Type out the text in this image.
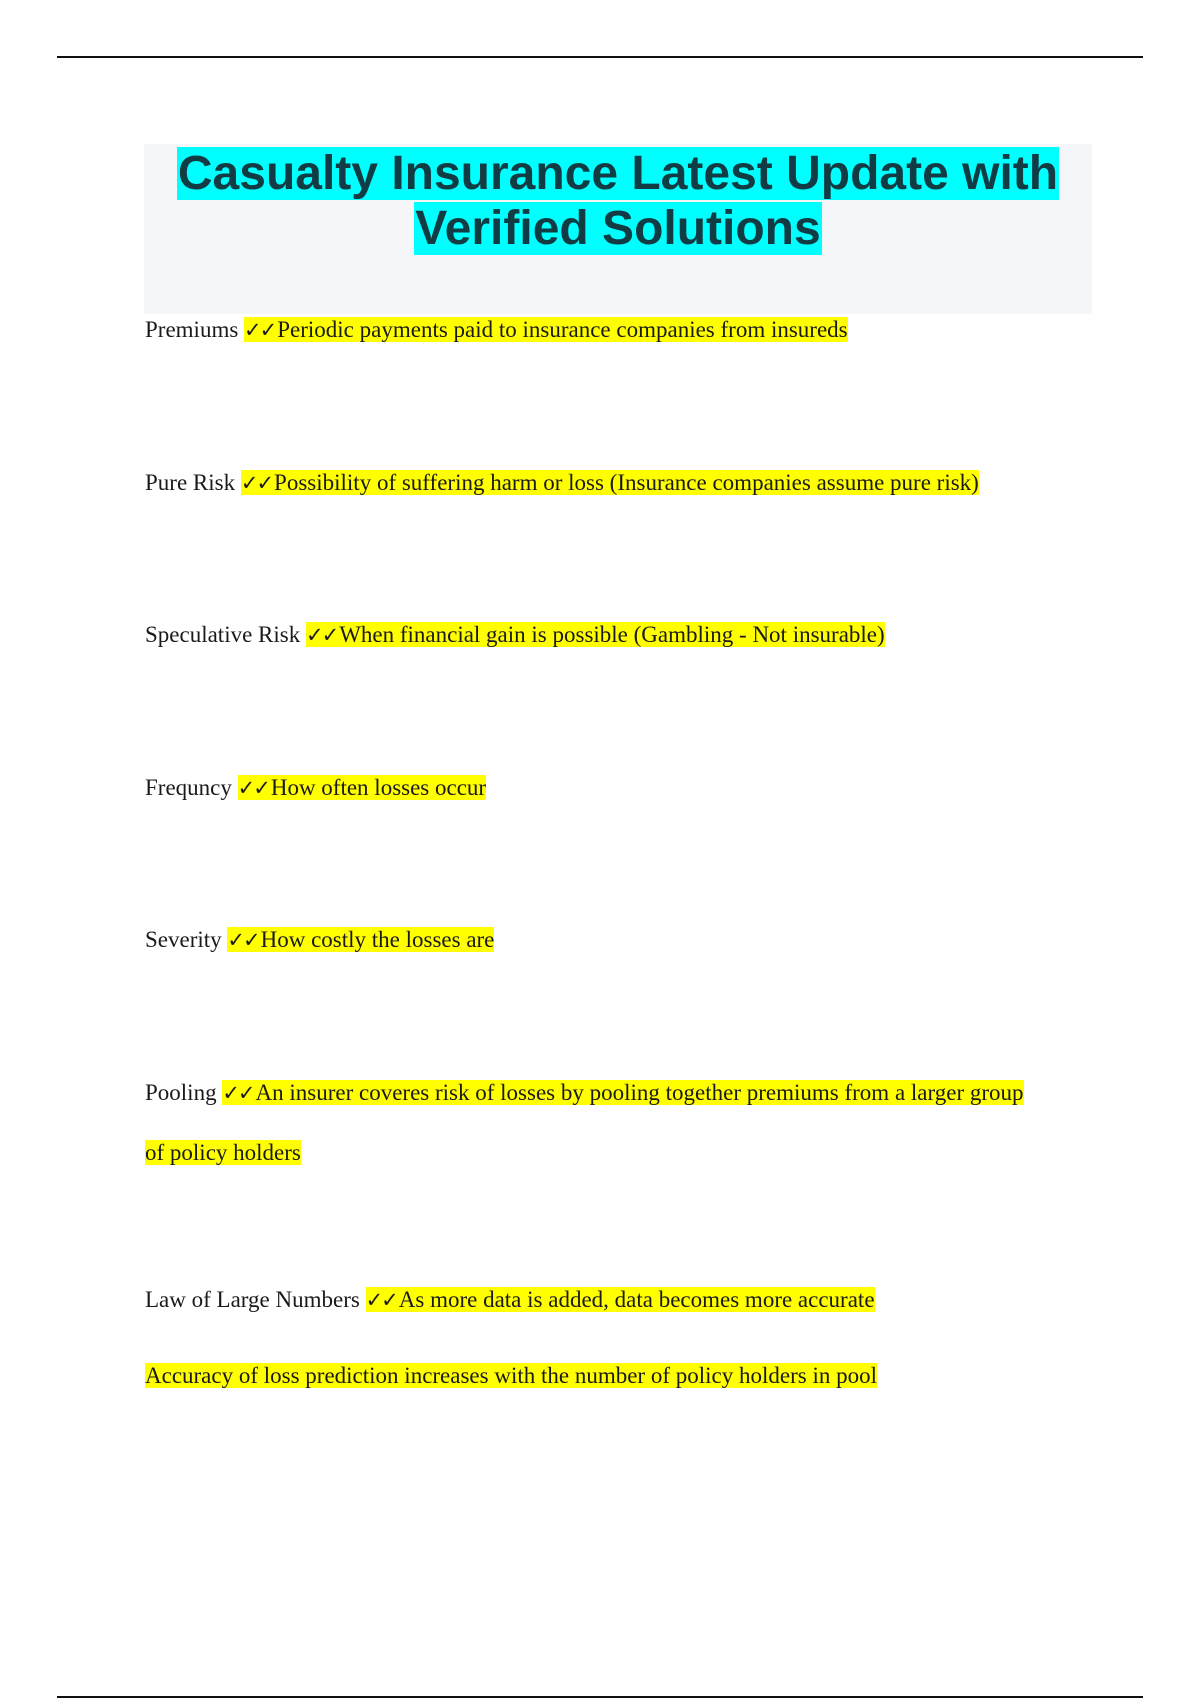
Casualty Insurance Latest Update with
Verified Solutions
Premiums ✓✓Periodic payments paid to insurance companies from insureds
Pure Risk ✓✓Possibility of suffering harm or loss (Insurance companies assume pure risk)
Speculative Risk ✓✓When financial gain is possible (Gambling - Not insurable)
Frequncy ✓✓How often losses occur
Severity ✓✓How costly the losses are
Pooling ✓✓An insurer coveres risk of losses by pooling together premiums from a larger group
of policy holders
Law of Large Numbers ✓✓As more data is added, data becomes more accurate
Accuracy of loss prediction increases with the number of policy holders in pool
